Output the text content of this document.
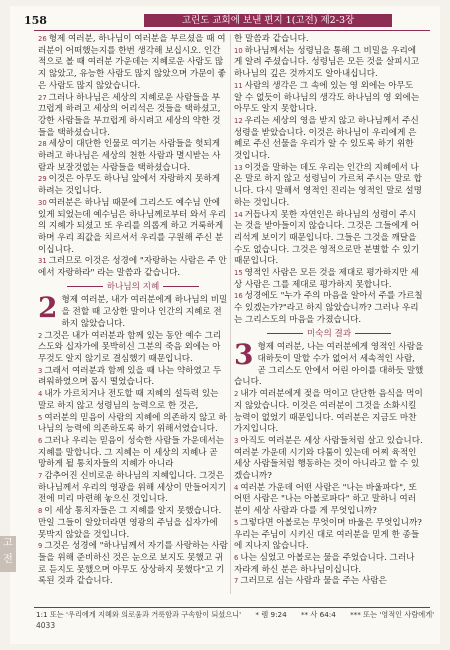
158	고린도 교회에 보낸 편지 1(고전) 제2-3장

26 형제 여러분, 하나님이 여러분을 부르셨을 때 여러분이 어떠했는지를 한번 생각해 보십시오. 인간적으로 볼 때 여러분 가운데는 지혜로운 사람도 많지 않았고, 유능한 사람도 많지 않았으며 가문이 좋은 사람도 많지 않았습니다.

27 그러나 하나님은 세상의 지혜로운 사람들을 부끄럽게 하려고 세상의 어리석은 것들을 택하셨고, 강한 사람들을 부끄럽게 하시려고 세상의 약한 것들을 택하셨습니다.

28 세상이 대단한 인물로 여기는 사람들을 헛되게 하려고 하나님은 세상의 천한 사람과 멸시받는 사람과 보잘것없는 사람들을 택하셨습니다.

29 이것은 아무도 하나님 앞에서 자랑하지 못하게 하려는 것입니다.

30 여러분은 하나님 때문에 그리스도 예수님 안에 있게 되었는데 예수님은 하나님께로부터 와서 우리의 지혜가 되셨고 또 우리를 의롭게 하고 거룩하게 하며 우리 죄값을 치르셔서 우리를 구원해 주신 분이십니다.

31 그러므로 이것은 성경에 "자랑하는 사람은 주 안에서 자랑하라" 라는 말씀과 같습니다.

하나님의 지혜

2 형제 여러분, 내가 여러분에게 하나님의 비밀을 전할 때 고상한 말이나 인간의 지혜로 전하지 않았습니다.

2 그것은 내가 여러분과 함께 있는 동안 예수 그리스도와 십자가에 못박히신 그분의 죽음 외에는 아무것도 알지 않기로 결심했기 때문입니다.

3 그래서 여러분과 함께 있을 때 나는 약하였고 두려워하였으며 몹시 떨었습니다.

4 내가 가르치거나 전도할 때 지혜의 설득력 있는 말로 하지 않고 성령님의 능력으로 한 것은,

5 여러분의 믿음이 사람의 지혜에 의존하지 않고 하나님의 능력에 의존하도록 하기 위해서였습니다.

6 그러나 우리는 믿음이 성숙한 사람들 가운데서는 지혜를 말합니다. 그 지혜는 이 세상의 지혜나 곧 망하게 될 통치자들의 지혜가 아니라

7 감추어진 신비로운 하나님의 지혜입니다. 그것은 하나님께서 우리의 영광을 위해 세상이 만들어지기 전에 미리 마련해 놓으신 것입니다.

8 이 세상 통치자들은 그 지혜를 알지 못했습니다. 만일 그들이 알았더라면 영광의 주님을 십자가에 못박지 않았을 것입니다.

9 그것은 성경에 "하나님께서 자기를 사랑하는 사람들을 위해 준비하신 것은 눈으로 보지도 못했고 귀로 듣지도 못했으며 아무도 상상하지 못했다"고 기록된 것과 같습니다.

한 말씀과 같습니다.

10 하나님께서는 성령님을 통해 그 비밀을 우리에게 알려 주셨습니다. 성령님은 모든 것을 살피시고 하나님의 깊은 것까지도 알아내십니다.

11 사람의 생각은 그 속에 있는 영 외에는 아무도 알 수 없듯이 하나님의 생각도 하나님의 영 외에는 아무도 알지 못합니다.

12 우리는 세상의 영을 받지 않고 하나님께서 주신 성령을 받았습니다. 이것은 하나님이 우리에게 은혜로 주신 선물을 우리가 알 수 있도록 하기 위한 것입니다.

13 이것을 말하는 데도 우리는 인간의 지혜에서 나온 말로 하지 않고 성령님이 가르쳐 주시는 말로 합니다. 다시 말해서 영적인 진리는 영적인 말로 설명하는 것입니다.

14 거듭나지 못한 자연인은 하나님의 성령이 주시는 것을 받아들이지 않습니다. 그것은 그들에게 어리석게 보이기 때문입니다. 그들은 그것을 깨달을 수도 없습니다. 그것은 영적으로만 분별할 수 있기 때문입니다.

15 영적인 사람은 모든 것을 제대로 평가하지만 세상 사람은 그를 제대로 평가하지 못합니다.

16 성경에도 "누가 주의 마음을 알아서 주를 가르칠 수 있겠는가?"라고 하지 않았습니까? 그러나 우리는 그리스도의 마음을 가졌습니다.

미숙의 결과

3 형제 여러분, 나는 여러분에게 영적인 사람을 대하듯이 말할 수가 없어서 세속적인 사람, 곧 그리스도 안에서 어린 아이를 대하듯 말했습니다.

2 내가 여러분에게 젖을 먹이고 단단한 음식을 먹이지 않았습니다. 이것은 여러분이 그것을 소화시킬 능력이 없었기 때문입니다. 여러분은 지금도 마찬가지입니다.

3 아직도 여러분은 세상 사람들처럼 살고 있습니다. 여러분 가운데 시기와 다툼이 있는데 어찌 육적인 세상 사람들처럼 행동하는 것이 아니라고 할 수 있겠습니까?

4 여러분 가운데 어떤 사람은 "나는 바울파다", 또 어떤 사람은 "나는 아볼로파다" 하고 말하니 여러분이 세상 사람과 다를 게 무엇입니까?

5 그렇다면 아볼로는 무엇이며 바울은 무엇입니까? 우리는 주님이 시키신 대로 여러분을 믿게 한 종들에 지나지 않습니다.

6 나는 심었고 아볼로는 물을 주었습니다. 그러나 자라게 하신 분은 하나님이십니다.

7 그러므로 심는 사람과 물을 주는 사람은

1:1 또는 '우리에게 지혜와 의로움과 거룩함과 구속함이 되셨으니' * 렘 9:24 ** 사 64:4 *** 또는 '영적인 사람에게'
4033
고 전
